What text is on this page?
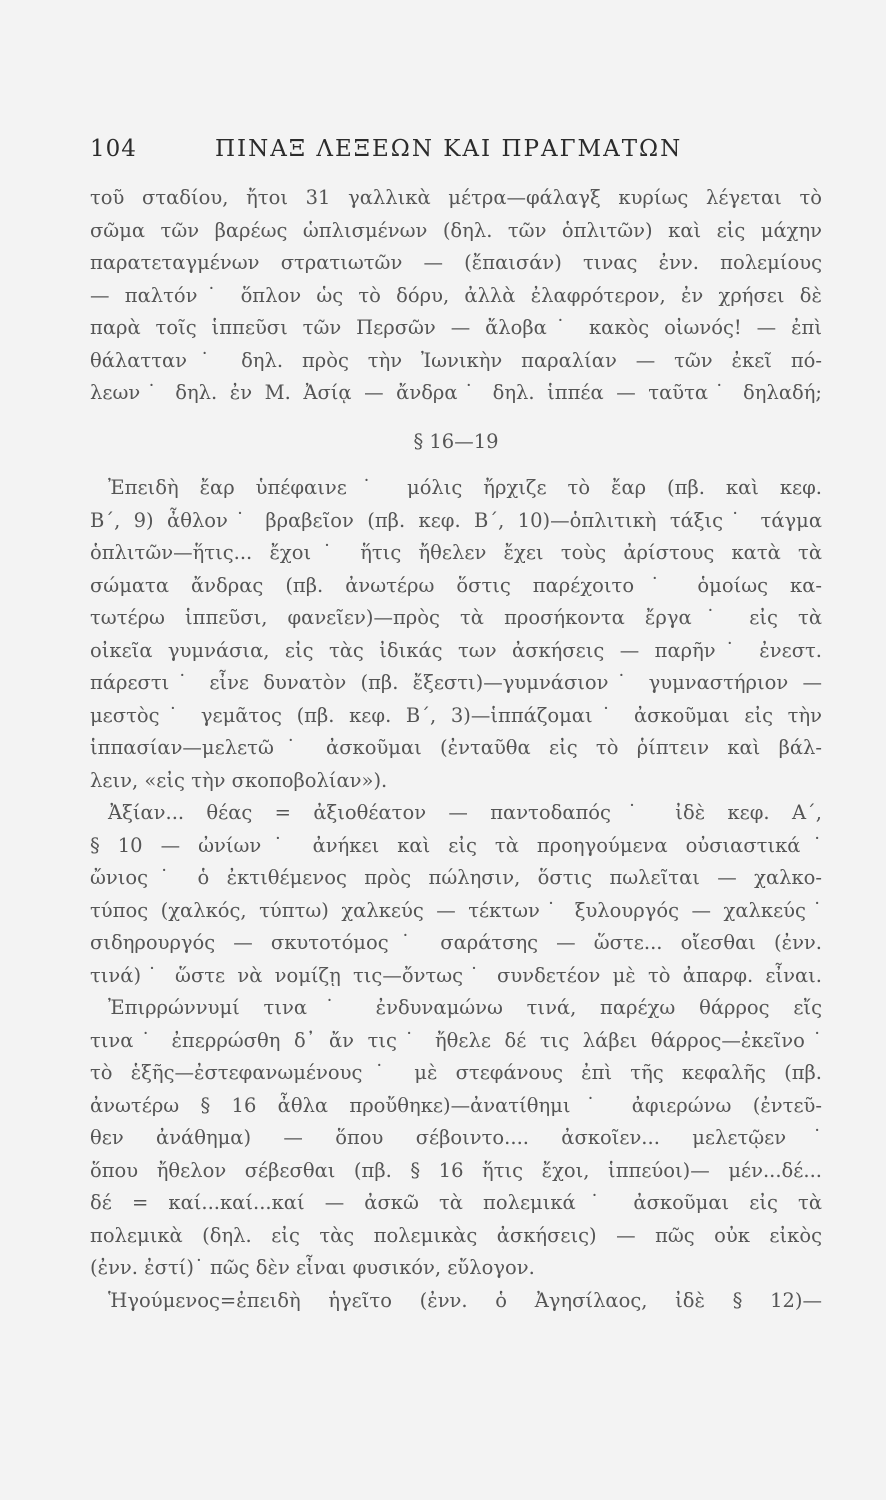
104	ΠΙΝΑΞ ΛΕΞΕΩΝ ΚΑΙ ΠΡΑΓΜΑΤΩΝ
τοῦ σταδίου, ἤτοι 31 γαλλικὰ μέτρα—φάλαγξ κυρίως λέγεται τὸ
σῶμα τῶν βαρέως ὡπλισμένων (δηλ. τῶν ὁπλιτῶν) καὶ εἰς μάχην
παρατεταγμένων στρατιωτῶν — (ἔπαισάν) τινας ἐνν. πολεμίους
— παλτόν˙ ὅπλον ὡς τὸ δόρυ, ἀλλὰ ἐλαφρότερον, ἐν χρήσει δὲ
παρὰ τοῖς ἱππεῦσι τῶν Περσῶν — ἄλοβα˙ κακὸς οἰωνός! — ἐπὶ
θάλατταν˙ δηλ. πρὸς τὴν Ἰωνικὴν παραλίαν — τῶν ἐκεῖ πό-
λεων˙ δηλ. ἐν Μ. Ἀσίᾳ — ἄνδρα˙ δηλ. ἱππέα — ταῦτα˙ δηλαδή;
§ 16—19
Ἐπειδὴ ἔαρ ὑπέφαινε˙ μόλις ἤρχιζε τὸ ἔαρ (πβ. καὶ κεφ.
Β΄, 9) ἆθλον˙ βραβεῖον (πβ. κεφ. Β΄, 10)—ὁπλιτικὴ τάξις˙ τάγμα
ὁπλιτῶν—ἥτις... ἔχοι˙ ἥτις ἤθελεν ἔχει τοὺς ἀρίστους κατὰ τὰ
σώματα ἄνδρας (πβ. ἀνωτέρω ὅστις παρέχοιτο˙ ὁμοίως κα-
τωτέρω ἱππεῦσι, φανεῖεν)—πρὸς τὰ προσήκοντα ἔργα˙ εἰς τὰ
οἰκεῖα γυμνάσια, εἰς τὰς ἰδικάς των ἀσκήσεις — παρῆν˙ ἐνεστ.
πάρεστι˙ εἶνε δυνατὸν (πβ. ἔξεστι)—γυμνάσιον˙ γυμναστήριον —
μεστὸς˙ γεμᾶτος (πβ. κεφ. Β΄, 3)—ἱππάζομαι˙ ἀσκοῦμαι εἰς τὴν
ἱππασίαν—μελετῶ˙ ἀσκοῦμαι (ἐνταῦθα εἰς τὸ ῥίπτειν καὶ βάλ-
λειν, «εἰς τὴν σκοποβολίαν»).
Ἀξίαν... θέας = ἀξιοθέατον — παντοδαπός˙ ἰδὲ κεφ. Α΄,
§ 10 — ὠνίων˙ ἀνήκει καὶ εἰς τὰ προηγούμενα οὐσιαστικά˙
ὤνιος˙ ὁ ἐκτιθέμενος πρὸς πώλησιν, ὅστις πωλεῖται — χαλκο-
τύπος (χαλκός, τύπτω) χαλκεύς — τέκτων˙ ξυλουργός — χαλκεύς˙
σιδηρουργός — σκυτοτόμος˙ σαράτσης — ὥστε... οἴεσθαι (ἐνν.
τινά)˙ ὥστε νὰ νομίζῃ τις—ὄντως˙ συνδετέον μὲ τὸ ἀπαρφ. εἶναι.
Ἐπιρρώννυμί τινα˙ ἐνδυναμώνω τινά, παρέχω θάρρος εἴς
τινα˙ ἐπερρώσθη δ᾽ ἄν τις˙ ἤθελε δέ τις λάβει θάρρος—ἐκεῖνο˙
τὸ ἑξῆς—ἐστεφανωμένους˙ μὲ στεφάνους ἐπὶ τῆς κεφαλῆς (πβ.
ἀνωτέρω § 16 ἆθλα προὔθηκε)—ἀνατίθημι˙ ἀφιερώνω (ἐντεῦ-
θεν ἀνάθημα) — ὅπου σέβοιντο.... ἀσκοῖεν... μελετῷεν˙
ὅπου ἤθελον σέβεσθαι (πβ. § 16 ἥτις ἔχοι, ἱππεύοι)— μέν...δέ...
δέ = καί...καί...καί — ἀσκῶ τὰ πολεμικά˙ ἀσκοῦμαι εἰς τὰ
πολεμικὰ (δηλ. εἰς τὰς πολεμικὰς ἀσκήσεις) — πῶς οὐκ εἰκὸς
(ἐνν. ἐστί)˙ πῶς δὲν εἶναι φυσικόν, εὔλογον.
Ἡγούμενος=ἐπειδὴ ἡγεῖτο (ἐνν. ὁ Ἀγησίλαος, ἰδὲ § 12)—
